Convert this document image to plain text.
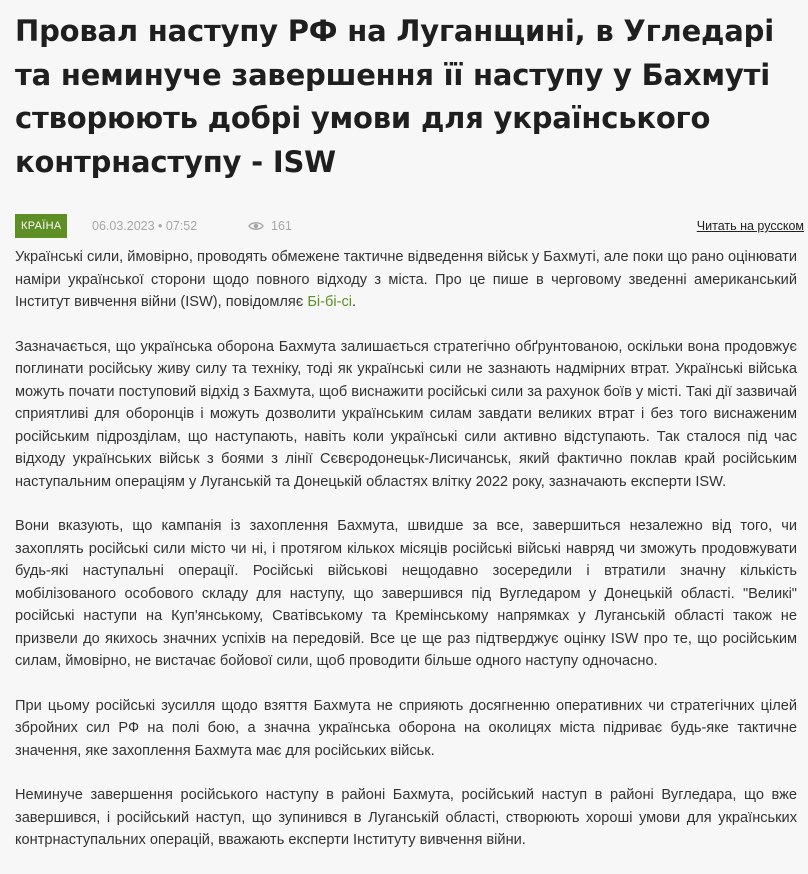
Провал наступу РФ на Луганщині, в Угледарі та неминуче завершення її наступу у Бахмуті створюють добрі умови для українського контрнаступу - ISW
КРАЇНА	06.03.2023 • 07:52	161	Читать на русском

Українські сили, ймовірно, проводять обмежене тактичне відведення військ у Бахмуті, але поки що рано оцінювати наміри української сторони щодо повного відходу з міста. Про це пише в черговому зведенні американський Інститут вивчення війни (ISW), повідомляє Бі-бі-сі.

Зазначається, що українська оборона Бахмута залишається стратегічно обґрунтованою, оскільки вона продовжує поглинати російську живу силу та техніку, тоді як українські сили не зазнають надмірних втрат. Українські війська можуть почати поступовий відхід з Бахмута, щоб виснажити російські сили за рахунок боїв у місті. Такі дії зазвичай сприятливі для оборонців і можуть дозволити українським силам завдати великих втрат і без того виснаженим російським підрозділам, що наступають, навіть коли українські сили активно відступають. Так сталося під час відходу українських військ з боями з лінії Сєвєродонецьк-Лисичанськ, який фактично поклав край російським наступальним операціям у Луганській та Донецькій областях влітку 2022 року, зазначають експерти ISW.

Вони вказують, що кампанія із захоплення Бахмута, швидше за все, завершиться незалежно від того, чи захоплять російські сили місто чи ні, і протягом кількох місяців російські війські навряд чи зможуть продовжувати будь-які наступальні операції. Російські військові нещодавно зосередили і втратили значну кількість мобілізованого особового складу для наступу, що завершився під Вугледаром у Донецькій області. "Великі" російські наступи на Куп'янському, Сватівському та Кремінському напрямках у Луганській області також не призвели до якихось значних успіхів на передовій. Все це ще раз підтверджує оцінку ISW про те, що російським силам, ймовірно, не вистачає бойової сили, щоб проводити більше одного наступу одночасно.

При цьому російські зусилля щодо взяття Бахмута не сприяють досягненню оперативних чи стратегічних цілей збройних сил РФ на полі бою, а значна українська оборона на околицях міста підриває будь-яке тактичне значення, яке захоплення Бахмута має для російських військ.

Неминуче завершення російського наступу в районі Бахмута, російський наступ в районі Вугледара, що вже завершився, і російський наступ, що зупинився в Луганській області, створюють хороші умови для українських контрнаступальних операцій, вважають експерти Інституту вивчення війни.
